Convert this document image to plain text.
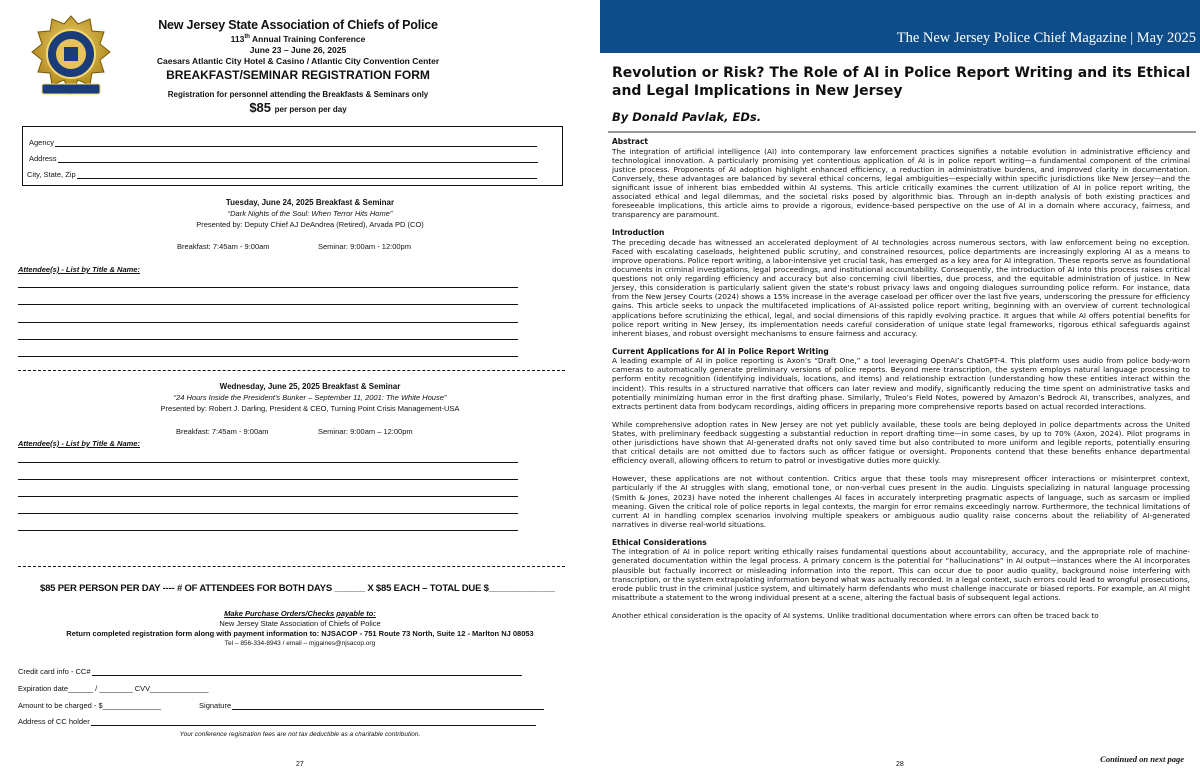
New Jersey State Association of Chiefs of Police
113th Annual Training Conference
June 23 – June 26, 2025
Caesars Atlantic City Hotel & Casino / Atlantic City Convention Center
BREAKFAST/SEMINAR REGISTRATION FORM
Registration for personnel attending the Breakfasts & Seminars only
$85 per person per day
Agency
Address
City, State, Zip
Tuesday, June 24, 2025 Breakfast & Seminar
“Dark Nights of the Soul: When Terror Hits Home”
Presented by: Deputy Chief AJ DeAndrea (Retired), Arvada PD (CO)
Breakfast: 7:45am - 9:00am	Seminar: 9:00am - 12:00pm
Attendee(s) - List by Title & Name:
Wednesday, June 25, 2025 Breakfast & Seminar
“24 Hours Inside the President’s Bunker – September 11, 2001: The White House”
Presented by: Robert J. Darling, President & CEO, Turning Point Crisis Management-USA
Breakfast: 7:45am - 9:00am	Seminar: 9:00am – 12:00pm
Attendee(s) - List by Title & Name:
$85 PER PERSON PER DAY ---- # OF ATTENDEES FOR BOTH DAYS ______ X $85 EACH – TOTAL DUE $_____________
Make Purchase Orders/Checks payable to:
New Jersey State Association of Chiefs of Police
Return completed registration form along with payment information to: NJSACOP - 751 Route 73 North, Suite 12 - Marlton NJ 08053
Tel – 856-334-8943 / email – mjgaines@njsacop.org
Credit card info - CC#
Expiration date______ / ________ CVV______________
Amount to be charged - $______________	Signature
Address of CC holder
Your conference registration fees are not tax deductible as a charitable contribution.
27
The New Jersey Police Chief Magazine | May 2025
Revolution or Risk? The Role of AI in Police Report Writing and its Ethical and Legal Implications in New Jersey
By Donald Pavlak, EDs.
Abstract

The integration of artificial intelligence (AI) into contemporary law enforcement practices signifies a notable evolution in administrative efficiency and technological innovation. A particularly promising yet contentious application of AI is in police report writing—a fundamental component of the criminal justice process. Proponents of AI adoption highlight enhanced efficiency, a reduction in administrative burdens, and improved clarity in documentation. Conversely, these advantages are balanced by several ethical concerns, legal ambiguities—especially within specific jurisdictions like New Jersey—and the significant issue of inherent bias embedded within AI systems. This article critically examines the current utilization of AI in police report writing, the associated ethical and legal dilemmas, and the societal risks posed by algorithmic bias. Through an in-depth analysis of both existing practices and foreseeable implications, this article aims to provide a rigorous, evidence-based perspective on the use of AI in a domain where accuracy, fairness, and transparency are paramount.

Introduction

The preceding decade has witnessed an accelerated deployment of AI technologies across numerous sectors, with law enforcement being no exception. Faced with escalating caseloads, heightened public scrutiny, and constrained resources, police departments are increasingly exploring AI as a means to improve operations. Police report writing, a labor-intensive yet crucial task, has emerged as a key area for AI integration. These reports serve as foundational documents in criminal investigations, legal proceedings, and institutional accountability. Consequently, the introduction of AI into this process raises critical questions not only regarding efficiency and accuracy but also concerning civil liberties, due process, and the equitable administration of justice. In New Jersey, this consideration is particularly salient given the state's robust privacy laws and ongoing dialogues surrounding police reform. For instance, data from the New Jersey Courts (2024) shows a 15% increase in the average caseload per officer over the last five years, underscoring the pressure for efficiency gains. This article seeks to unpack the multifaceted implications of AI-assisted police report writing, beginning with an overview of current technological applications before scrutinizing the ethical, legal, and social dimensions of this rapidly evolving practice. It argues that while AI offers potential benefits for police report writing in New Jersey, its implementation needs careful consideration of unique state legal frameworks, rigorous ethical safeguards against inherent biases, and robust oversight mechanisms to ensure fairness and accuracy.

Current Applications for AI in Police Report Writing

A leading example of AI in police reporting is Axon’s “Draft One,” a tool leveraging OpenAI’s ChatGPT-4. This platform uses audio from police body-worn cameras to automatically generate preliminary versions of police reports. Beyond mere transcription, the system employs natural language processing to perform entity recognition (identifying individuals, locations, and items) and relationship extraction (understanding how these entities interact within the incident). This results in a structured narrative that officers can later review and modify, significantly reducing the time spent on administrative tasks and potentially minimizing human error in the first drafting phase. Similarly, Truleo’s Field Notes, powered by Amazon’s Bedrock AI, transcribes, analyzes, and extracts pertinent data from bodycam recordings, aiding officers in preparing more comprehensive reports based on actual recorded interactions.

While comprehensive adoption rates in New Jersey are not yet publicly available, these tools are being deployed in police departments across the United States, with preliminary feedback suggesting a substantial reduction in report drafting time—in some cases, by up to 70% (Axon, 2024). Pilot programs in other jurisdictions have shown that AI-generated drafts not only saved time but also contributed to more uniform and legible reports, potentially ensuring that critical details are not omitted due to factors such as officer fatigue or oversight. Proponents contend that these benefits enhance departmental efficiency overall, allowing officers to return to patrol or investigative duties more quickly.

However, these applications are not without contention. Critics argue that these tools may misrepresent officer interactions or misinterpret context, particularly if the AI struggles with slang, emotional tone, or non-verbal cues present in the audio. Linguists specializing in natural language processing (Smith & Jones, 2023) have noted the inherent challenges AI faces in accurately interpreting pragmatic aspects of language, such as sarcasm or implied meaning. Given the critical role of police reports in legal contexts, the margin for error remains exceedingly narrow. Furthermore, the technical limitations of current AI in handling complex scenarios involving multiple speakers or ambiguous audio quality raise concerns about the reliability of AI-generated narratives in diverse real-world situations.

Ethical Considerations

The integration of AI in police report writing ethically raises fundamental questions about accountability, accuracy, and the appropriate role of machine-generated documentation within the legal process. A primary concern is the potential for “hallucinations” in AI output—instances where the AI incorporates plausible but factually incorrect or misleading information into the report. This can occur due to poor audio quality, background noise interfering with transcription, or the system extrapolating information beyond what was actually recorded. In a legal context, such errors could lead to wrongful prosecutions, erode public trust in the criminal justice system, and ultimately harm defendants who must challenge inaccurate or biased reports. For example, an AI might misattribute a statement to the wrong individual present at a scene, altering the factual basis of subsequent legal actions.

Another ethical consideration is the opacity of AI systems. Unlike traditional documentation where errors can often be traced back to

Continued on next page
28
